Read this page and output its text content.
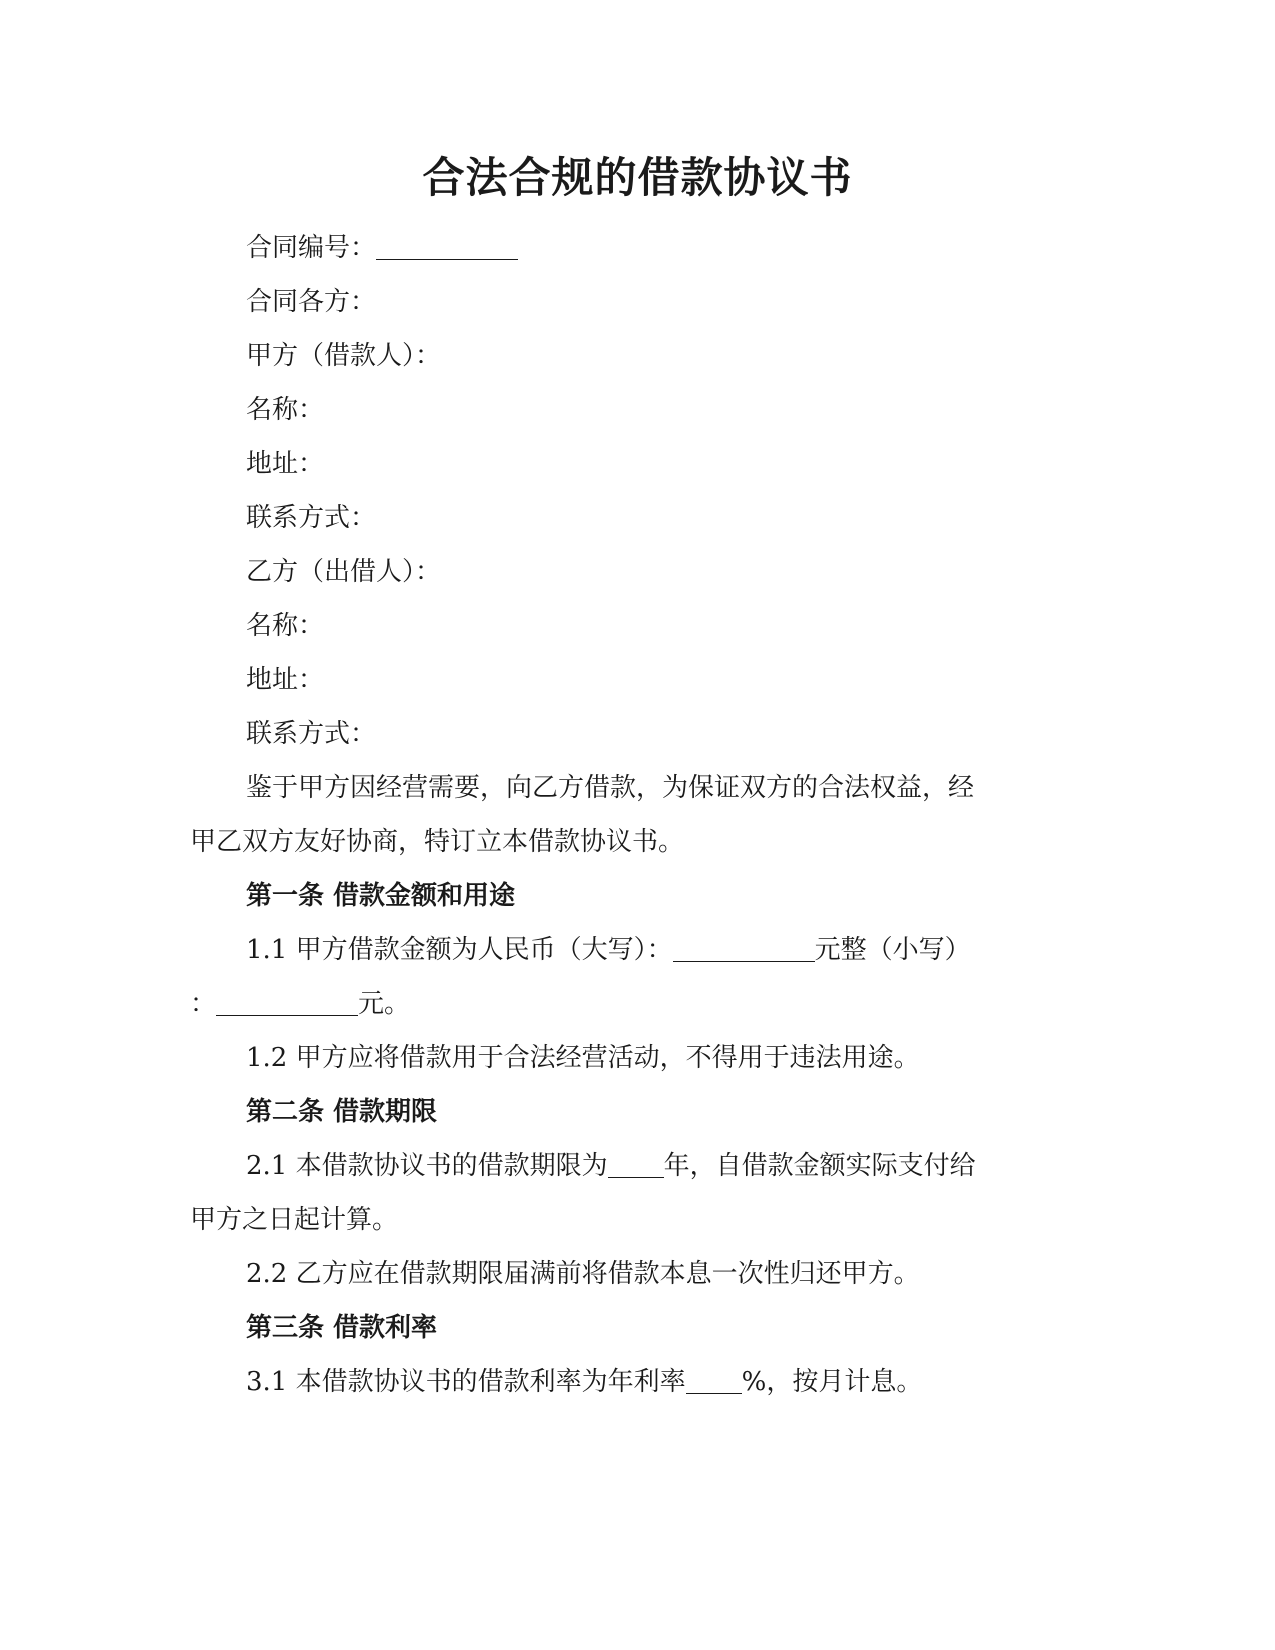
合法合规的借款协议书
合同编号：
合同各方：
甲方（借款人）：
名称：
地址：
联系方式：
乙方（出借人）：
名称：
地址：
联系方式：
鉴于甲方因经营需要，向乙方借款，为保证双方的合法权益，经
甲乙双方友好协商，特订立本借款协议书。
第一条 借款金额和用途
1.1 甲方借款金额为人民币（大写）：	元整（小写）
：	元。
1.2 甲方应将借款用于合法经营活动，不得用于违法用途。
第二条 借款期限
2.1 本借款协议书的借款期限为 年，自借款金额实际支付给
甲方之日起计算。
2.2 乙方应在借款期限届满前将借款本息一次性归还甲方。
第三条 借款利率
3.1 本借款协议书的借款利率为年利率 %，按月计息。
